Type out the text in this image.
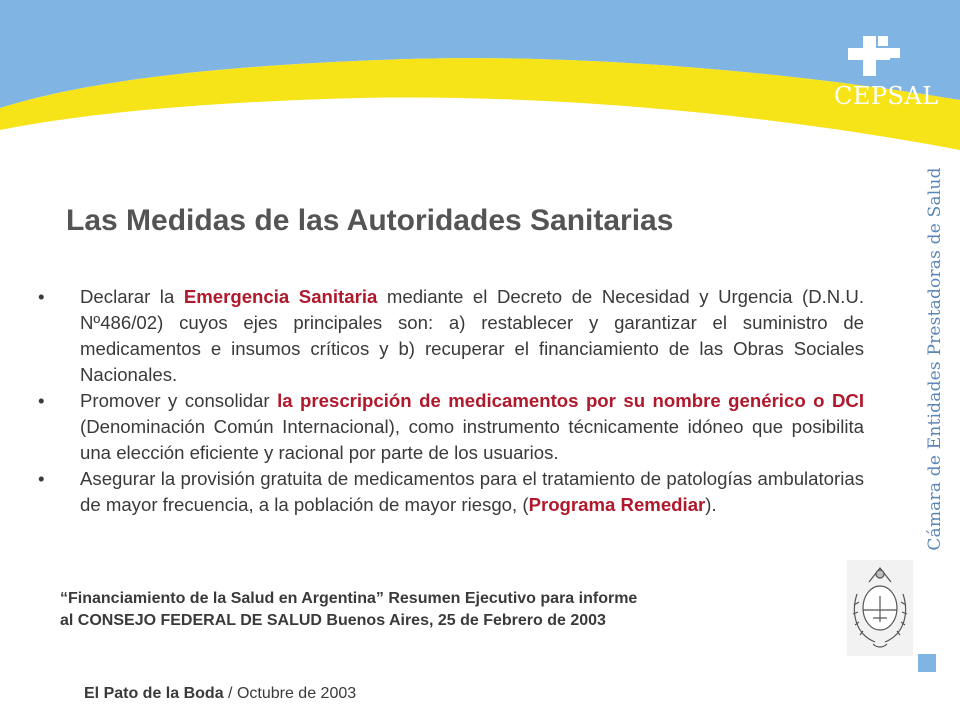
CEPSAL
Cámara de Entidades Prestadoras de Salud
Las Medidas de las Autoridades Sanitarias
• Declarar la Emergencia Sanitaria mediante el Decreto de Necesidad y Urgencia (D.N.U. Nº486/02) cuyos ejes principales son: a) restablecer y garantizar el suministro de medicamentos e insumos críticos y b) recuperar el financiamiento de las Obras Sociales Nacionales.
• Promover y consolidar la prescripción de medicamentos por su nombre genérico o DCI (Denominación Común Internacional), como instrumento técnicamente idóneo que posibilita una elección eficiente y racional por parte de los usuarios.
• Asegurar la provisión gratuita de medicamentos para el tratamiento de patologías ambulatorias de mayor frecuencia, a la población de mayor riesgo, (Programa Remediar).
“Financiamiento de la Salud en Argentina” Resumen Ejecutivo para informe
al CONSEJO FEDERAL DE SALUD Buenos Aires, 25 de Febrero de 2003
El Pato de la Boda / Octubre de 2003
